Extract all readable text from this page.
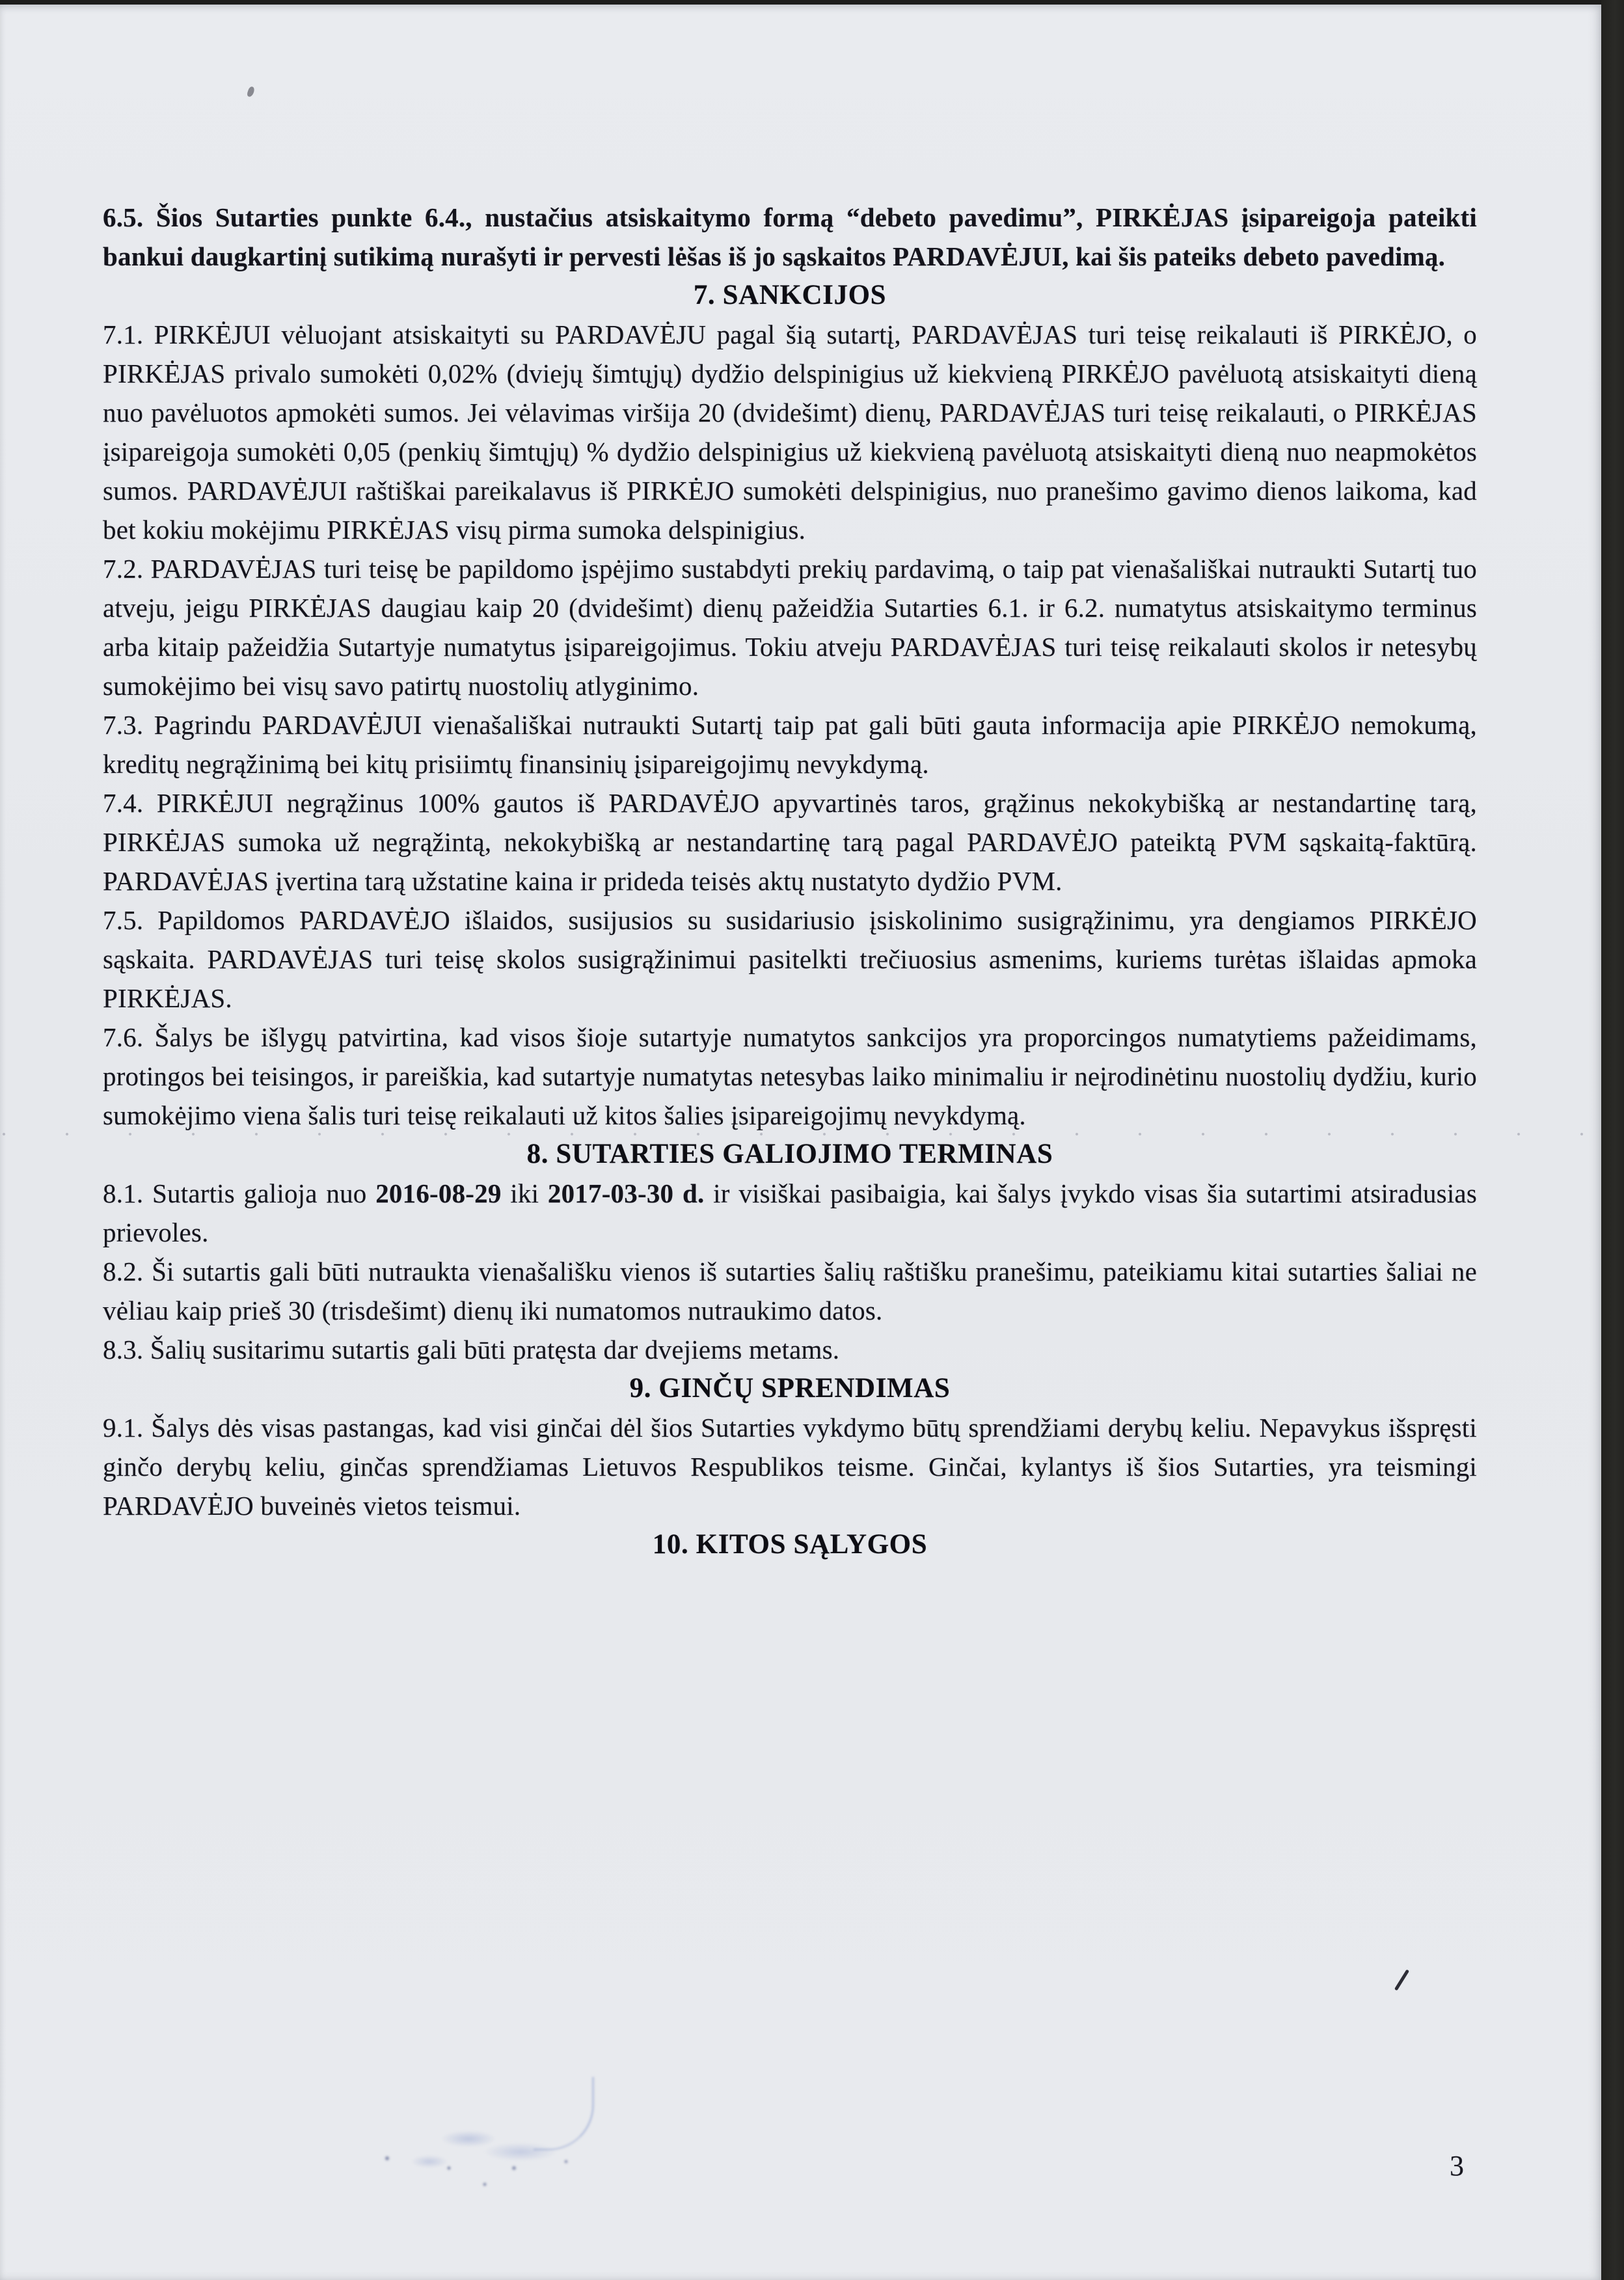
6.5. Šios Sutarties punkte 6.4., nustačius atsiskaitymo formą “debeto pavedimu”, PIRKĖJAS įsipareigoja pateikti bankui daugkartinį sutikimą nurašyti ir pervesti lėšas iš jo sąskaitos PARDAVĖJUI, kai šis pateiks debeto pavedimą.

7. SANKCIJOS

7.1. PIRKĖJUI vėluojant atsiskaityti su PARDAVĖJU pagal šią sutartį, PARDAVĖJAS turi teisę reikalauti iš PIRKĖJO, o PIRKĖJAS privalo sumokėti 0,02% (dviejų šimtųjų) dydžio delspinigius už kiekvieną PIRKĖJO pavėluotą atsiskaityti dieną nuo pavėluotos apmokėti sumos. Jei vėlavimas viršija 20 (dvidešimt) dienų, PARDAVĖJAS turi teisę reikalauti, o PIRKĖJAS įsipareigoja sumokėti 0,05 (penkių šimtųjų) % dydžio delspinigius už kiekvieną pavėluotą atsiskaityti dieną nuo neapmokėtos sumos. PARDAVĖJUI raštiškai pareikalavus iš PIRKĖJO sumokėti delspinigius, nuo pranešimo gavimo dienos laikoma, kad bet kokiu mokėjimu PIRKĖJAS visų pirma sumoka delspinigius.

7.2. PARDAVĖJAS turi teisę be papildomo įspėjimo sustabdyti prekių pardavimą, o taip pat vienašališkai nutraukti Sutartį tuo atveju, jeigu PIRKĖJAS daugiau kaip 20 (dvidešimt) dienų pažeidžia Sutarties 6.1. ir 6.2. numatytus atsiskaitymo terminus arba kitaip pažeidžia Sutartyje numatytus įsipareigojimus. Tokiu atveju PARDAVĖJAS turi teisę reikalauti skolos ir netesybų sumokėjimo bei visų savo patirtų nuostolių atlyginimo.

7.3. Pagrindu PARDAVĖJUI vienašališkai nutraukti Sutartį taip pat gali būti gauta informacija apie PIRKĖJO nemokumą, kreditų negrąžinimą bei kitų prisiimtų finansinių įsipareigojimų nevykdymą.

7.4. PIRKĖJUI negrąžinus 100% gautos iš PARDAVĖJO apyvartinės taros, grąžinus nekokybišką ar nestandartinę tarą, PIRKĖJAS sumoka už negrąžintą, nekokybišką ar nestandartinę tarą pagal PARDAVĖJO pateiktą PVM sąskaitą-faktūrą. PARDAVĖJAS įvertina tarą užstatine kaina ir prideda teisės aktų nustatyto dydžio PVM.

7.5. Papildomos PARDAVĖJO išlaidos, susijusios su susidariusio įsiskolinimo susigrąžinimu, yra dengiamos PIRKĖJO sąskaita. PARDAVĖJAS turi teisę skolos susigrąžinimui pasitelkti trečiuosius asmenims, kuriems turėtas išlaidas apmoka PIRKĖJAS.

7.6. Šalys be išlygų patvirtina, kad visos šioje sutartyje numatytos sankcijos yra proporcingos numatytiems pažeidimams, protingos bei teisingos, ir pareiškia, kad sutartyje numatytas netesybas laiko minimaliu ir neįrodinėtinu nuostolių dydžiu, kurio sumokėjimo viena šalis turi teisę reikalauti už kitos šalies įsipareigojimų nevykdymą.

8. SUTARTIES GALIOJIMO TERMINAS

8.1. Sutartis galioja nuo 2016-08-29 iki 2017-03-30 d. ir visiškai pasibaigia, kai šalys įvykdo visas šia sutartimi atsiradusias prievoles.

8.2. Ši sutartis gali būti nutraukta vienašališku vienos iš sutarties šalių raštišku pranešimu, pateikiamu kitai sutarties šaliai ne vėliau kaip prieš 30 (trisdešimt) dienų iki numatomos nutraukimo datos.

8.3. Šalių susitarimu sutartis gali būti pratęsta dar dvejiems metams.

9. GINČŲ SPRENDIMAS

9.1. Šalys dės visas pastangas, kad visi ginčai dėl šios Sutarties vykdymo būtų sprendžiami derybų keliu. Nepavykus išspręsti ginčo derybų keliu, ginčas sprendžiamas Lietuvos Respublikos teisme. Ginčai, kylantys iš šios Sutarties, yra teismingi PARDAVĖJO buveinės vietos teismui.

10. KITOS SĄLYGOS

3
